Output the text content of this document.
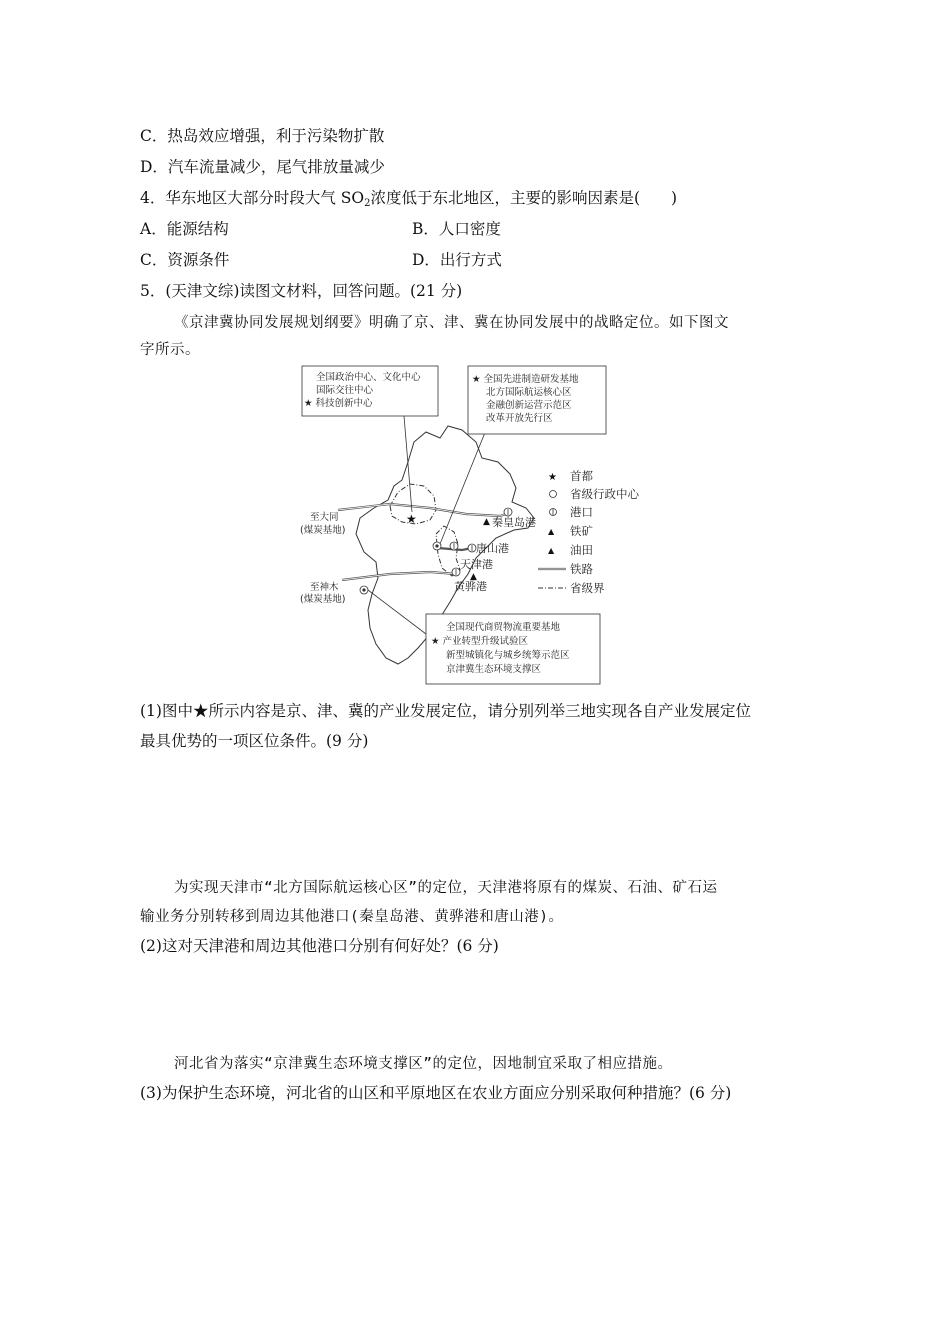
C．热岛效应增强，利于污染物扩散
D．汽车流量减少，尾气排放量减少
4．华东地区大部分时段大气 $SO_2$浓度低于东北地区，主要的影响因素是(　　)
A．能源结构	B．人口密度
C．资源条件	D．出行方式
5．(天津文综)读图文材料，回答问题。(21 分)
《京津冀协同发展规划纲要》明确了京、津、冀在协同发展中的战略定位。如下图文
字所示。
全国政治中心、文化中心
国际交往中心
★ 科技创新中心
★ 全国先进制造研发基地
北方国际航运核心区
金融创新运营示范区
改革开放先行区
全国现代商贸物流重要基地
★ 产业转型升级试验区
新型城镇化与城乡统筹示范区
京津冀生态环境支撑区
★	▲
▲
至大同
(煤炭基地)
至神木
(煤炭基地)
秦皇岛港
唐山港
天津港
黄骅港
★ 首都
省级行政中心
港口
▲ 铁矿
▲ 油田
铁路
省级界
(1)图中★所示内容是京、津、冀的产业发展定位，请分别列举三地实现各自产业发展定位
最具优势的一项区位条件。(9 分)
为实现天津市“北方国际航运核心区”的定位，天津港将原有的煤炭、石油、矿石运
输业务分别转移到周边其他港口(秦皇岛港、黄骅港和唐山港)。
(2)这对天津港和周边其他港口分别有何好处？(6 分)
河北省为落实“京津冀生态环境支撑区”的定位，因地制宜采取了相应措施。
(3)为保护生态环境，河北省的山区和平原地区在农业方面应分别采取何种措施？(6 分)
